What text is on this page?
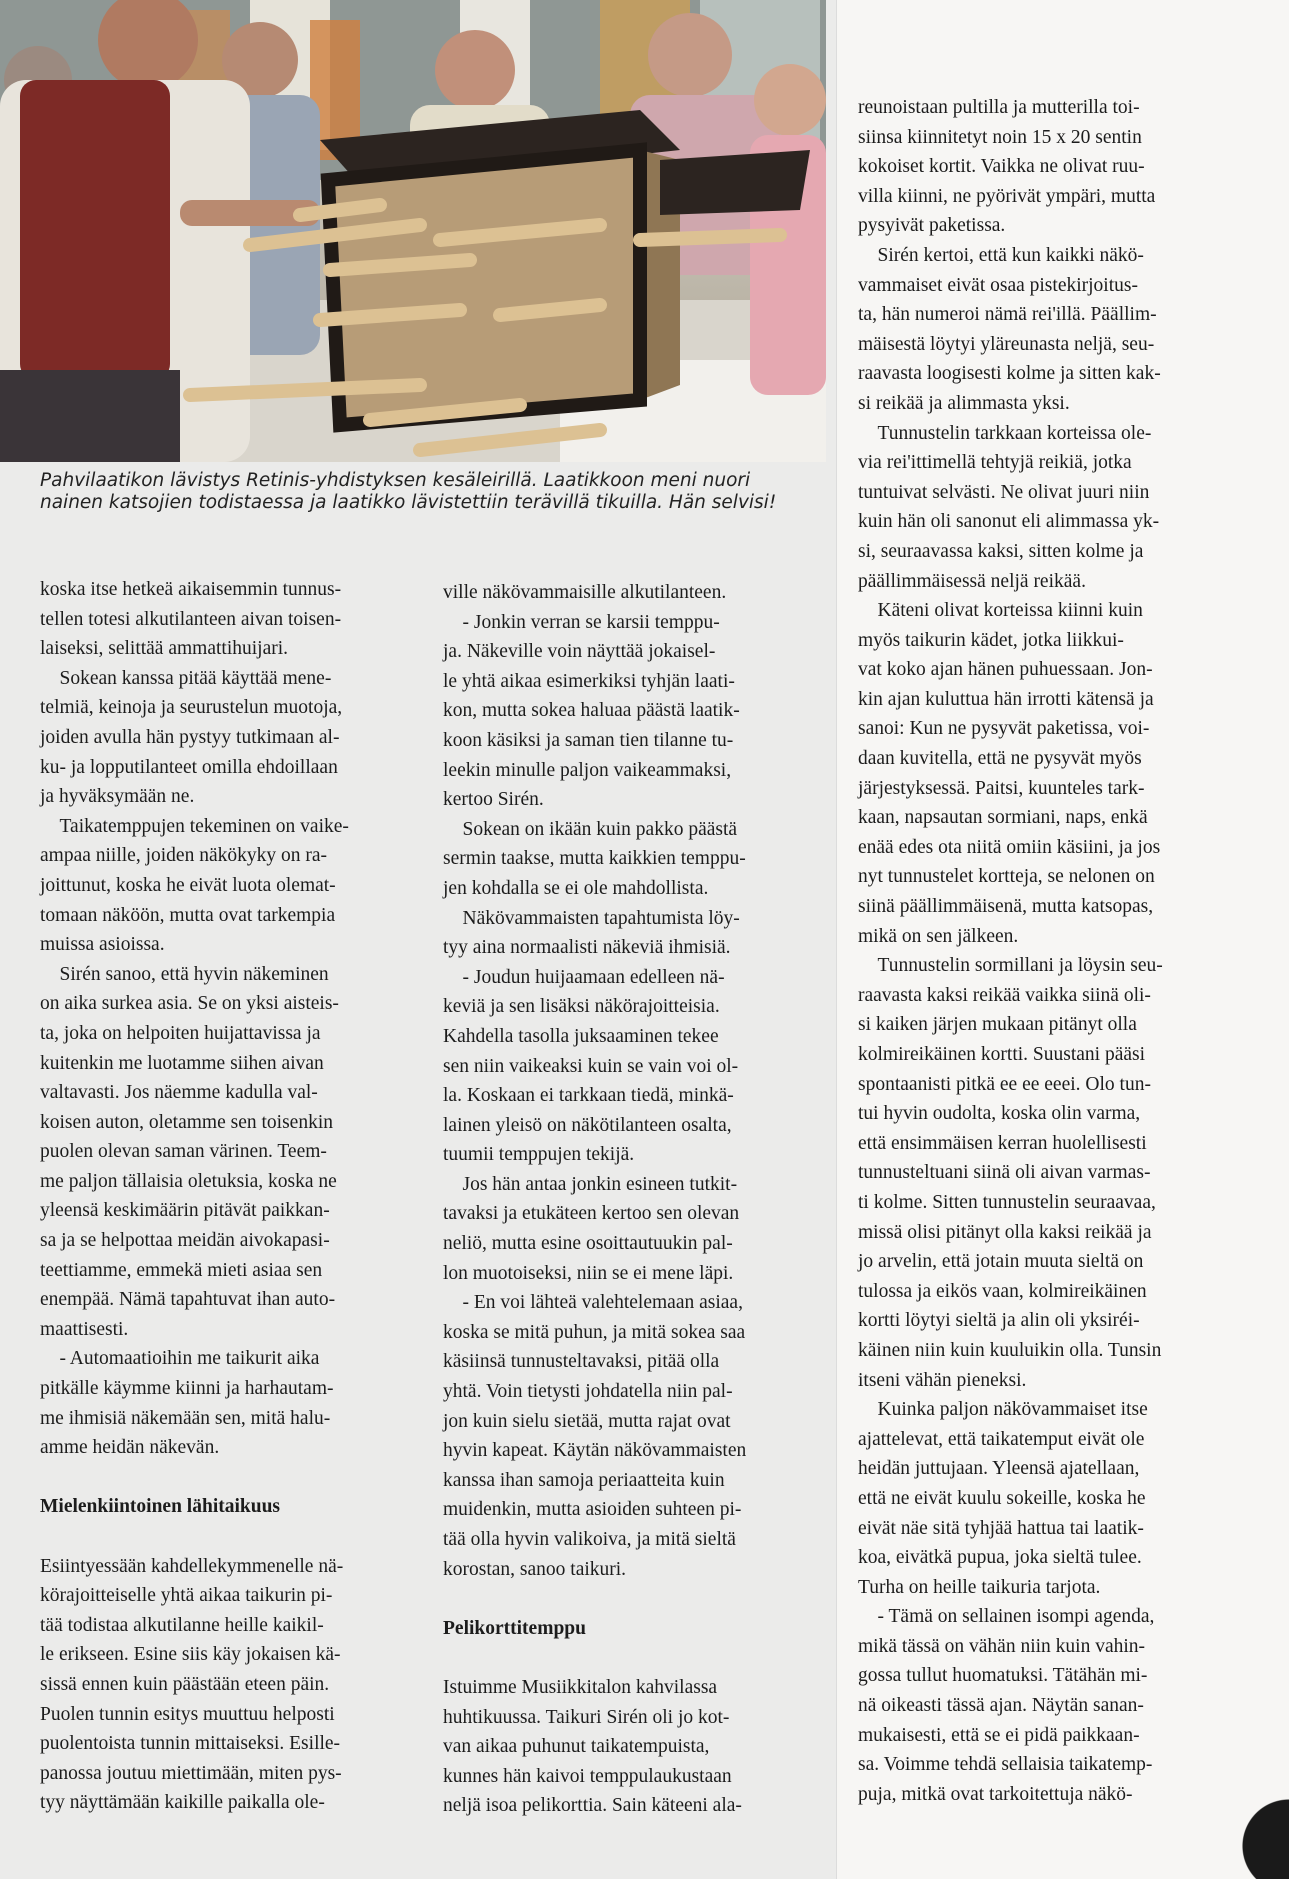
Pahvilaatikon lävistys Retinis-yhdistyksen kesäleirillä. Laatikkoon meni nuori
nainen katsojien todistaessa ja laatikko lävistettiin terävillä tikuilla. Hän selvisi!
koska itse hetkeä aikaisemmin tunnus-
tellen totesi alkutilanteen aivan toisen-
laiseksi, selittää ammattihuijari.
Sokean kanssa pitää käyttää mene-
telmiä, keinoja ja seurustelun muotoja,
joiden avulla hän pystyy tutkimaan al-
ku- ja lopputilanteet omilla ehdoillaan
ja hyväksymään ne.
Taikatemppujen tekeminen on vaike-
ampaa niille, joiden näkökyky on ra-
joittunut, koska he eivät luota olemat-
tomaan näköön, mutta ovat tarkempia
muissa asioissa.
Sirén sanoo, että hyvin näkeminen
on aika surkea asia. Se on yksi aisteis-
ta, joka on helpoiten huijattavissa ja
kuitenkin me luotamme siihen aivan
valtavasti. Jos näemme kadulla val-
koisen auton, oletamme sen toisenkin
puolen olevan saman värinen. Teem-
me paljon tällaisia oletuksia, koska ne
yleensä keskimäärin pitävät paikkan-
sa ja se helpottaa meidän aivokapasi-
teettiamme, emmekä mieti asiaa sen
enempää. Nämä tapahtuvat ihan auto-
maattisesti.
- Automaatioihin me taikurit aika
pitkälle käymme kiinni ja harhautam-
me ihmisiä näkemään sen, mitä halu-
amme heidän näkevän.
Mielenkiintoinen lähitaikuus
Esiintyessään kahdellekymmenelle nä-
körajoitteiselle yhtä aikaa taikurin pi-
tää todistaa alkutilanne heille kaikil-
le erikseen. Esine siis käy jokaisen kä-
sissä ennen kuin päästään eteen päin.
Puolen tunnin esitys muuttuu helposti
puolentoista tunnin mittaiseksi. Esille-
panossa joutuu miettimään, miten pys-
tyy näyttämään kaikille paikalla ole-
ville näkövammaisille alkutilanteen.
- Jonkin verran se karsii temppu-
ja. Näkeville voin näyttää jokaisel-
le yhtä aikaa esimerkiksi tyhjän laati-
kon, mutta sokea haluaa päästä laatik-
koon käsiksi ja saman tien tilanne tu-
leekin minulle paljon vaikeammaksi,
kertoo Sirén.
Sokean on ikään kuin pakko päästä
sermin taakse, mutta kaikkien temppu-
jen kohdalla se ei ole mahdollista.
Näkövammaisten tapahtumista löy-
tyy aina normaalisti näkeviä ihmisiä.
- Joudun huijaamaan edelleen nä-
keviä ja sen lisäksi näkörajoitteisia.
Kahdella tasolla juksaaminen tekee
sen niin vaikeaksi kuin se vain voi ol-
la. Koskaan ei tarkkaan tiedä, minkä-
lainen yleisö on näkötilanteen osalta,
tuumii temppujen tekijä.
Jos hän antaa jonkin esineen tutkit-
tavaksi ja etukäteen kertoo sen olevan
neliö, mutta esine osoittautuukin pal-
lon muotoiseksi, niin se ei mene läpi.
- En voi lähteä valehtelemaan asiaa,
koska se mitä puhun, ja mitä sokea saa
käsiinsä tunnusteltavaksi, pitää olla
yhtä. Voin tietysti johdatella niin pal-
jon kuin sielu sietää, mutta rajat ovat
hyvin kapeat. Käytän näkövammaisten
kanssa ihan samoja periaatteita kuin
muidenkin, mutta asioiden suhteen pi-
tää olla hyvin valikoiva, ja mitä sieltä
korostan, sanoo taikuri.
Pelikorttitemppu
Istuimme Musiikkitalon kahvilassa
huhtikuussa. Taikuri Sirén oli jo kot-
van aikaa puhunut taikatempuista,
kunnes hän kaivoi temppulaukustaan
neljä isoa pelikorttia. Sain käteeni ala-
reunoistaan pultilla ja mutterilla toi-
siinsa kiinnitetyt noin 15 x 20 sentin
kokoiset kortit. Vaikka ne olivat ruu-
villa kiinni, ne pyörivät ympäri, mutta
pysyivät paketissa.
Sirén kertoi, että kun kaikki näkö-
vammaiset eivät osaa pistekirjoitus-
ta, hän numeroi nämä rei'illä. Päällim-
mäisestä löytyi yläreunasta neljä, seu-
raavasta loogisesti kolme ja sitten kak-
si reikää ja alimmasta yksi.
Tunnustelin tarkkaan korteissa ole-
via rei'ittimellä tehtyjä reikiä, jotka
tuntuivat selvästi. Ne olivat juuri niin
kuin hän oli sanonut eli alimmassa yk-
si, seuraavassa kaksi, sitten kolme ja
päällimmäisessä neljä reikää.
Käteni olivat korteissa kiinni kuin
myös taikurin kädet, jotka liikkui-
vat koko ajan hänen puhuessaan. Jon-
kin ajan kuluttua hän irrotti kätensä ja
sanoi: Kun ne pysyvät paketissa, voi-
daan kuvitella, että ne pysyvät myös
järjestyksessä. Paitsi, kuunteles tark-
kaan, napsautan sormiani, naps, enkä
enää edes ota niitä omiin käsiini, ja jos
nyt tunnustelet kortteja, se nelonen on
siinä päällimmäisenä, mutta katsopas,
mikä on sen jälkeen.
Tunnustelin sormillani ja löysin seu-
raavasta kaksi reikää vaikka siinä oli-
si kaiken järjen mukaan pitänyt olla
kolmireikäinen kortti. Suustani pääsi
spontaanisti pitkä ee ee eeei. Olo tun-
tui hyvin oudolta, koska olin varma,
että ensimmäisen kerran huolellisesti
tunnusteltuani siinä oli aivan varmas-
ti kolme. Sitten tunnustelin seuraavaa,
missä olisi pitänyt olla kaksi reikää ja
jo arvelin, että jotain muuta sieltä on
tulossa ja eikös vaan, kolmireikäinen
kortti löytyi sieltä ja alin oli yksiréi-
käinen niin kuin kuuluikin olla. Tunsin
itseni vähän pieneksi.
Kuinka paljon näkövammaiset itse
ajattelevat, että taikatemput eivät ole
heidän juttujaan. Yleensä ajatellaan,
että ne eivät kuulu sokeille, koska he
eivät näe sitä tyhjää hattua tai laatik-
koa, eivätkä pupua, joka sieltä tulee.
Turha on heille taikuria tarjota.
- Tämä on sellainen isompi agenda,
mikä tässä on vähän niin kuin vahin-
gossa tullut huomatuksi. Tätähän mi-
nä oikeasti tässä ajan. Näytän sanan-
mukaisesti, että se ei pidä paikkaan-
sa. Voimme tehdä sellaisia taikatemp-
puja, mitkä ovat tarkoitettuja näkö-
